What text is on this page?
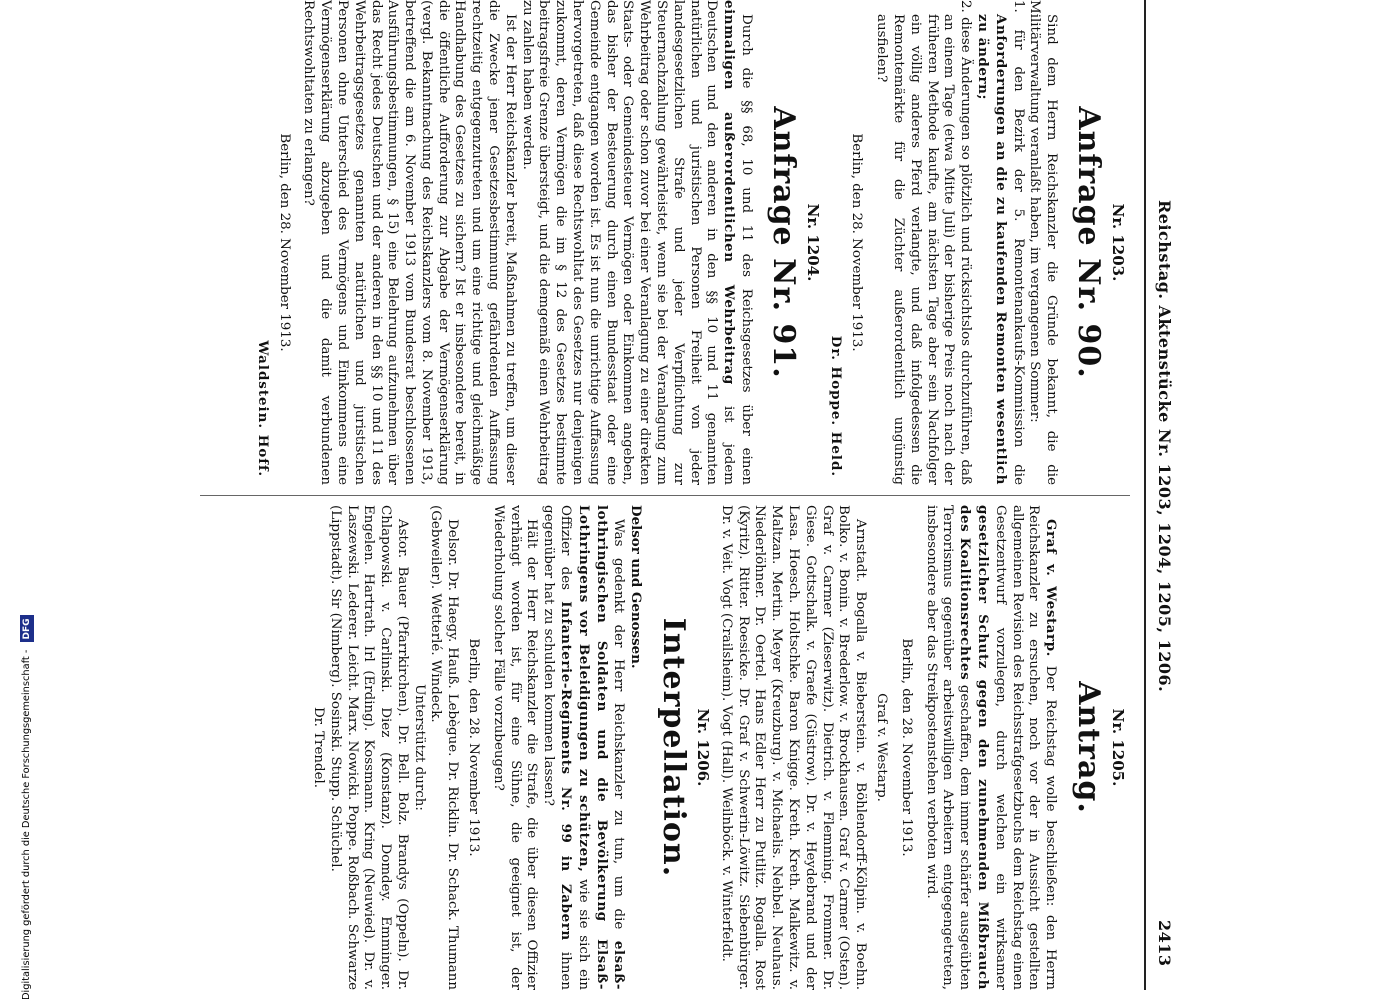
Reichstag. Aktenstücke Nr. 1203, 1204, 1205, 1206.
2413
Nr. 1203.
Anfrage Nr. 90.

Sind dem Herrn Reichskanzler die Gründe bekannt, die die Militärverwaltung veranlaßt haben, im vergangenen Sommer:

1. für den Bezirk der 5. Remontenankaufs-Kommission die Anforderungen an die zu kaufenden Remonten wesentlich zu ändern;
2. diese Änderungen so plötzlich und rücksichtslos durchzuführen, daß an einem Tage (etwa Mitte Juli) der bisherige Preis noch nach der früheren Methode kaufte, am nächsten Tage aber sein Nachfolger ein völlig anderes Pferd verlangte, und daß infolgedessen die Remontemärkte für die Züchter außerordentlich ungünstig ausfielen?
Berlin, den 28. November 1913.
Dr. Hoppe. Held.
Nr. 1204.
Anfrage Nr. 91.

Durch die §§ 68, 10 und 11 des Reichsgesetzes über einen einmaligen außerordentlichen Wehrbeitrag ist jedem Deutschen und den anderen in den §§ 10 und 11 genannten natürlichen und juristischen Personen Freiheit von jeder landesgesetzlichen Strafe und jeder Verpflichtung zur Steuernachzahlung gewährleistet, wenn sie bei der Veranlagung zum Wehrbeitrag oder schon zuvor bei einer Veranlagung zu einer direkten Staats- oder Gemeindesteuer Vermögen oder Einkommen angeben, das bisher der Besteuerung durch einen Bundesstaat oder eine Gemeinde entgangen worden ist. Es ist nun die unrichtige Auffassung hervorgetreten, daß diese Rechtswohltat des Gesetzes nur denjenigen zukommt, deren Vermögen die im § 12 des Gesetzes bestimmte beitragsfreie Grenze übersteigt, und die demgemäß einen Wehrbeitrag zu zahlen haben werden.

Ist der Herr Reichskanzler bereit, Maßnahmen zu treffen, um dieser die Zwecke jener Gesetzesbestimmung gefährdenden Auffassung rechtzeitig entgegenzutreten und um eine richtige und gleichmäßige Handhabung des Gesetzes zu sichern? Ist er insbesondere bereit, in die öffentliche Aufforderung zur Abgabe der Vermögenserklärung (vergl. Bekanntmachung des Reichskanzlers vom 8. November 1913, betreffend die am 6. November 1913 vom Bundesrat beschlossenen Ausführungsbestimmungen, § 15) eine Belehrung aufzunehmen über das Recht jedes Deutschen und der anderen in den §§ 10 und 11 des Wehrbeitragsgesetzes genannten natürlichen und juristischen Personen ohne Unterschied des Vermögens und Einkommens eine Vermögenserklärung abzugeben und die damit verbundenen Rechtswohltaten zu erlangen?

Berlin, den 28. November 1913.
Waldstein. Hoff.
Nr. 1205.
Antrag.

Graf v. Westarp. Der Reichstag wolle beschließen: den Herrn Reichskanzler zu ersuchen, noch vor der in Aussicht gestellten allgemeinen Revision des Reichsstrafgesetzbuchs dem Reichstag einen Gesetzentwurf vorzulegen, durch welchen ein wirksamer gesetzlicher Schutz gegen den zunehmenden Mißbrauch des Koalitionsrechtes geschaffen, dem immer schärfer ausgeübten Terrorismus gegenüber arbeitswilligen Arbeitern entgegengetreten, insbesondere aber das Streikpostenstehen verboten wird.

Berlin, den 28. November 1913.
Graf v. Westarp.

Arnstadt. Bogalla v. Bieberstein. v. Böhlendorff-Kölpin. v. Boehn. Bolko. v. Bonin. v. Brederlow. v. Brockhausen. Graf v. Carmer (Osten). Graf v. Carmer (Zieserwitz). Dietrich. v. Flemming. Frommer. Dr. Giese. Gottschalk. v. Graefe (Güstrow). Dr. v. Heydebrand und der Lasa. Hoesch. Holtschke. Baron Knigge. Kreth. Kreth. Malkewitz. v. Maltzan. Mertin. Meyer (Kreuzburg). v. Michaelis. Nehbel. Neuhaus. Niederlöhner. Dr. Oertel. Hans Edler Herr zu Putlitz. Rogalla. Rost (Kyritz). Ritter. Roesicke. Dr. Graf v. Schwerin-Löwitz. Siebenbürger. Dr. v. Veit. Vogt (Crailsheim). Vogt (Hall). Weilnböck. v. Winterfeldt.

Nr. 1206.
Interpellation.
Delsor und Genossen.

Was gedenkt der Herr Reichskanzler zu tun, um die elsaß-lothringischen Soldaten und die Bevölkerung Elsaß-Lothringens vor Beleidigungen zu schützen, wie sie sich ein Offizier des Infanterie-Regiments Nr. 99 in Zabern ihnen gegenüber hat zu schulden kommen lassen?

Hält der Herr Reichskanzler die Strafe, die über diesen Offizier verhängt worden ist, für eine Sühne, die geeignet ist, der Wiederholung solcher Fälle vorzubeugen?

Berlin, den 28. November 1913.

Delsor. Dr. Haegy. Hauß. Lebègue. Dr. Ricklin. Dr. Schack. Thumann (Gebweiler). Wetterlé. Windeck.

Unterstützt durch:

Astor. Bauer (Pfarrkirchen). Dr. Bell. Bolz. Brandys (Oppeln). Dr. Chlapowski. v. Carlinski. Diez (Konstanz). Domdey. Emminger. Engelen. Hartrath. Irl (Erding). Kossmann. Kring (Neuwied). Dr. v. Laszewski. Lederer. Leicht. Marx. Nowicki. Poppe. Roßbach. Schwarze (Lippstadt). Sir (Nimberg). Sosinski. Stupp. Schüchel.

Dr. Trendel.
Digitalisierung gefördert durch die Deutsche Forschungsgemeinschaft - DFG
